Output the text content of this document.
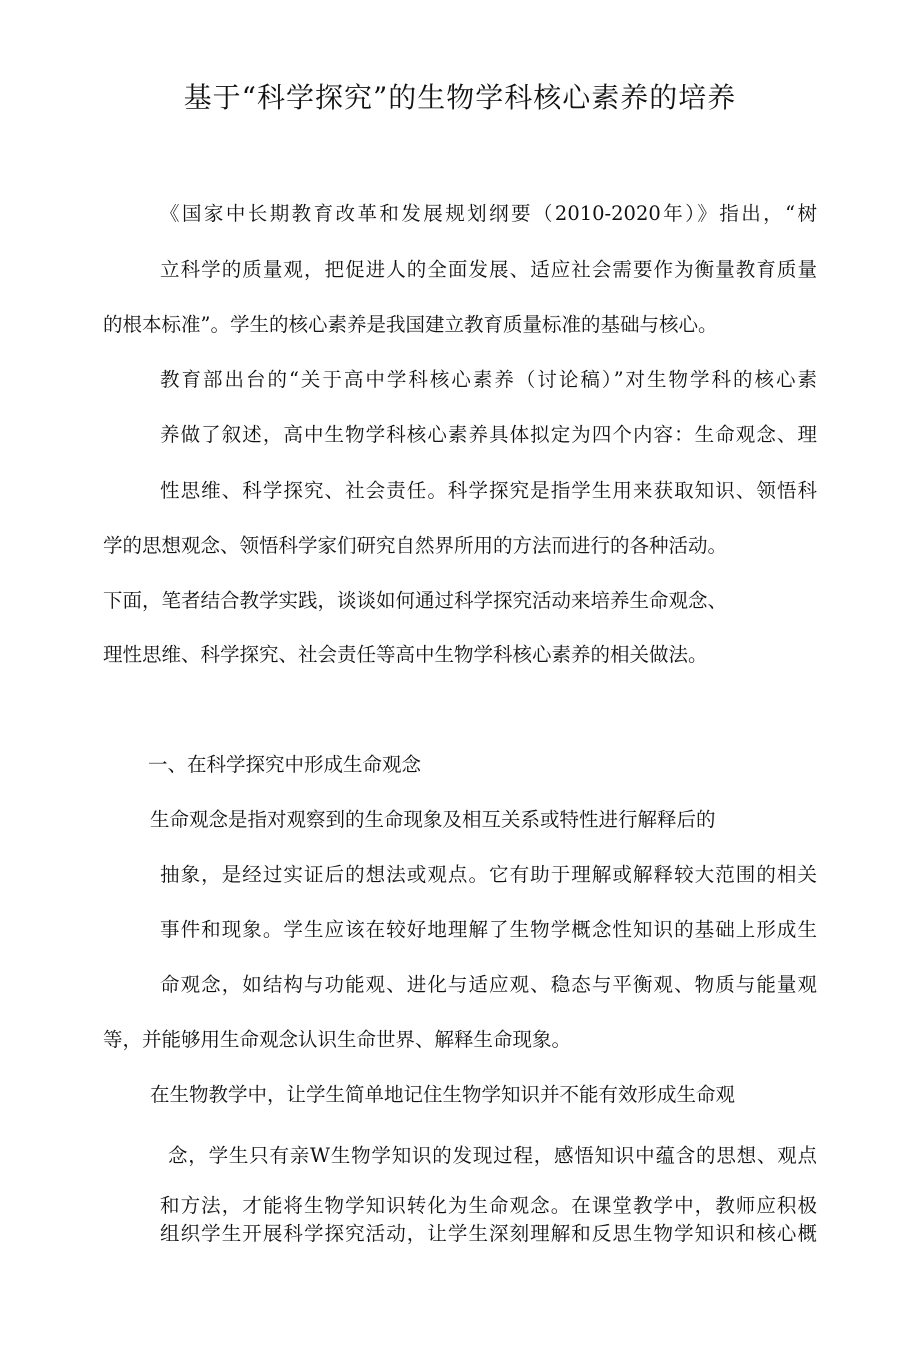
基于“科学探究”的生物学科核心素养的培养
《国家中长期教育改革和发展规划纲要（2010-2020年）》指出，“树
立科学的质量观，把促进人的全面发展、适应社会需要作为衡量教育质量
的根本标准”。学生的核心素养是我国建立教育质量标准的基础与核心。
教育部出台的“关于高中学科核心素养（讨论稿）”对生物学科的核心素
养做了叙述，高中生物学科核心素养具体拟定为四个内容：生命观念、理
性思维、科学探究、社会责任。科学探究是指学生用来获取知识、领悟科
学的思想观念、领悟科学家们研究自然界所用的方法而进行的各种活动。
下面，笔者结合教学实践，谈谈如何通过科学探究活动来培养生命观念、
理性思维、科学探究、社会责任等高中生物学科核心素养的相关做法。
一、在科学探究中形成生命观念
生命观念是指对观察到的生命现象及相互关系或特性进行解释后的
抽象，是经过实证后的想法或观点。它有助于理解或解释较大范围的相关
事件和现象。学生应该在较好地理解了生物学概念性知识的基础上形成生
命观念，如结构与功能观、进化与适应观、稳态与平衡观、物质与能量观
等，并能够用生命观念认识生命世界、解释生命现象。
在生物教学中，让学生简单地记住生物学知识并不能有效形成生命观
念，学生只有亲W生物学知识的发现过程，感悟知识中蕴含的思想、观点
和方法，才能将生物学知识转化为生命观念。在课堂教学中，教师应积极
组织学生开展科学探究活动，让学生深刻理解和反思生物学知识和核心概
